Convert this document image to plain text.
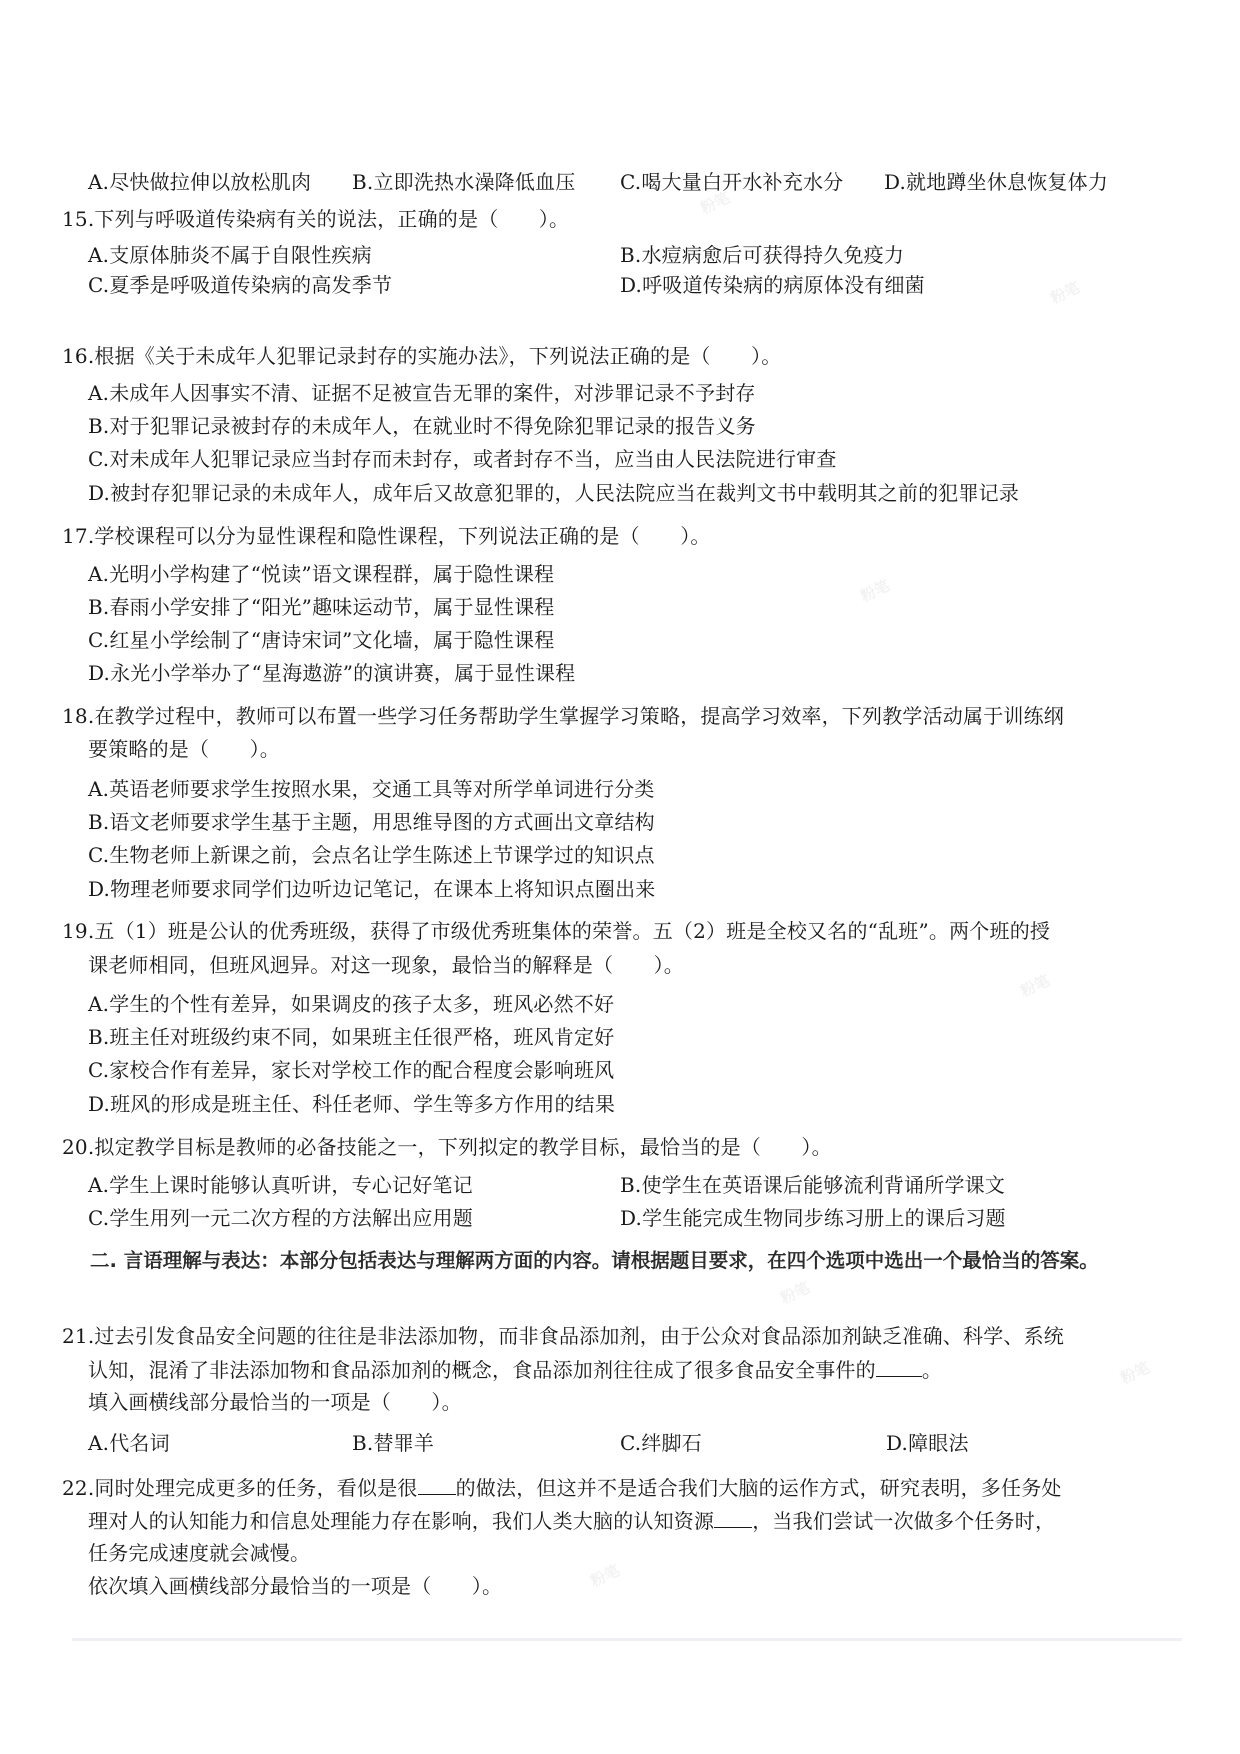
A.尽快做拉伸以放松肌肉 B.立即洗热水澡降低血压 C.喝大量白开水补充水分 D.就地蹲坐休息恢复体力
15.下列与呼吸道传染病有关的说法，正确的是（　　）。
A.支原体肺炎不属于自限性疾病	B.水痘病愈后可获得持久免疫力
C.夏季是呼吸道传染病的高发季节	D.呼吸道传染病的病原体没有细菌
16.根据《关于未成年人犯罪记录封存的实施办法》，下列说法正确的是（　　）。
A.未成年人因事实不清、证据不足被宣告无罪的案件，对涉罪记录不予封存
B.对于犯罪记录被封存的未成年人，在就业时不得免除犯罪记录的报告义务
C.对未成年人犯罪记录应当封存而未封存，或者封存不当，应当由人民法院进行审查
D.被封存犯罪记录的未成年人，成年后又故意犯罪的，人民法院应当在裁判文书中载明其之前的犯罪记录
17.学校课程可以分为显性课程和隐性课程，下列说法正确的是（　　）。
A.光明小学构建了“悦读”语文课程群，属于隐性课程
B.春雨小学安排了“阳光”趣味运动节，属于显性课程
C.红星小学绘制了“唐诗宋词”文化墙，属于隐性课程
D.永光小学举办了“星海遨游”的演讲赛，属于显性课程
18.在教学过程中，教师可以布置一些学习任务帮助学生掌握学习策略，提高学习效率，下列教学活动属于训练纲
要策略的是（　　）。
A.英语老师要求学生按照水果，交通工具等对所学单词进行分类
B.语文老师要求学生基于主题，用思维导图的方式画出文章结构
C.生物老师上新课之前，会点名让学生陈述上节课学过的知识点
D.物理老师要求同学们边听边记笔记，在课本上将知识点圈出来
19.五（1）班是公认的优秀班级，获得了市级优秀班集体的荣誉。五（2）班是全校又名的“乱班”。两个班的授
课老师相同，但班风迥异。对这一现象，最恰当的解释是（　　）。
A.学生的个性有差异，如果调皮的孩子太多，班风必然不好
B.班主任对班级约束不同，如果班主任很严格，班风肯定好
C.家校合作有差异，家长对学校工作的配合程度会影响班风
D.班风的形成是班主任、科任老师、学生等多方作用的结果
20.拟定教学目标是教师的必备技能之一，下列拟定的教学目标，最恰当的是（　　）。
A.学生上课时能够认真听讲，专心记好笔记	B.使学生在英语课后能够流利背诵所学课文
C.学生用列一元二次方程的方法解出应用题	D.学生能完成生物同步练习册上的课后习题
二. 言语理解与表达：本部分包括表达与理解两方面的内容。请根据题目要求，在四个选项中选出一个最恰当的答案。
21.过去引发食品安全问题的往往是非法添加物，而非食品添加剂，由于公众对食品添加剂缺乏准确、科学、系统
认知，混淆了非法添加物和食品添加剂的概念，食品添加剂往往成了很多食品安全事件的 。
填入画横线部分最恰当的一项是（　　）。
A.代名词	B.替罪羊	C.绊脚石	D.障眼法
22.同时处理完成更多的任务，看似是很 的做法，但这并不是适合我们大脑的运作方式，研究表明，多任务处
理对人的认知能力和信息处理能力存在影响，我们人类大脑的认知资源 ，当我们尝试一次做多个任务时，
任务完成速度就会减慢。
依次填入画横线部分最恰当的一项是（　　）。
粉笔
粉笔
粉笔
粉笔
粉笔
粉笔
粉笔
